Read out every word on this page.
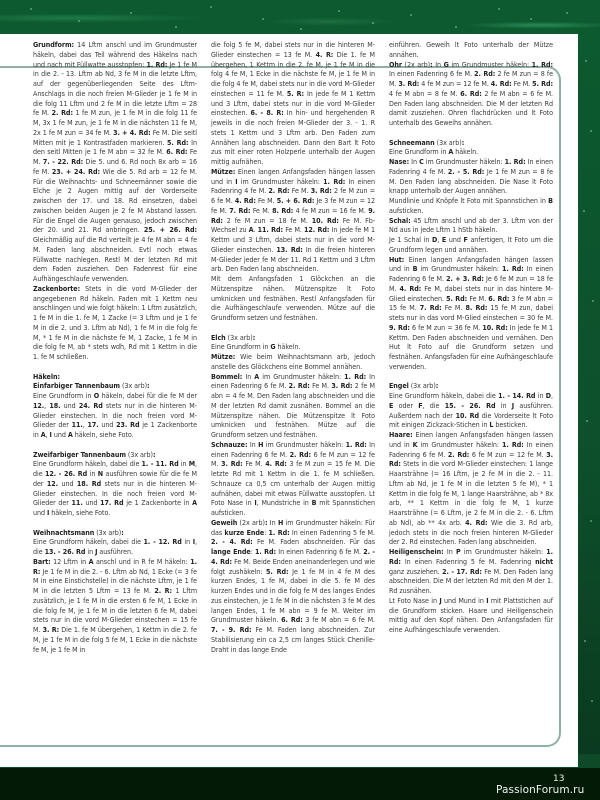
Grundform: 14 Lftm anschl und im Grundmuster häkeln, dabei das Teil während des Häkelns nach und nach mit Füllwatte ausstopfen: 1. Rd: Je 1 fe M in die 2. - 13. Lftm ab Nd, 3 fe M in die letzte Lftm, auf der gegenüberliegenden Seite des Lftm-Anschlags in die noch freien M-Glieder je 1 fe M in die folg 11 Lftm und 2 fe M in die letzte Lftm = 28 fe M. 2. Rd: 1 fe M zun, je 1 fe M in die folg 11 fe M, 3x 1 fe M zun, je 1 fe M in die nächsten 11 fe M, 2x 1 fe M zun = 34 fe M. 3. + 4. Rd: Fe M. Die seitl Mitten mit je 1 Kontrastfaden markieren. 5. Rd: In den seitl Mitten je 1 fe M abn = 32 fe M. 6. Rd: Fe M. 7. - 22. Rd: Die 5. und 6. Rd noch 8x arb = 16 fe M. 23. + 24. Rd: Wie die 5. Rd arb = 12 fe M. Für die Weihnachts- und Schneemänner sowie die Elche je 2 Augen mittig auf der Vorderseite zwischen der 17. und 18. Rd einsetzen, dabei zwischen beiden Augen je 2 fe M Abstand lassen. Für die Engel die Augen genauso, jedoch zwischen der 20. und 21. Rd anbringen. 25. + 26. Rd: Gleichmäßig auf die Rd verteilt je 4 fe M abn = 4 fe M. Faden lang abschneiden. Evtl noch etwas Füllwatte nachlegen. Restl M der letzten Rd mit dem Faden zusziehen. Den Fadenrest für eine Aufhängeschlaufe verwenden.

Zackenborte: Stets in die vord M-Glieder der angegebenen Rd häkeln. Faden mit 1 Kettm neu anschlingen und wie folgt häkeln: 1 Lftm zusätzlich, 1 fe M in die 1. fe M, 1 Zacke (= 3 Lftm und je 1 fe M in die 2. und 3. Lftm ab Nd), 1 fe M in die folg fe M, * 1 fe M in die nächste fe M, 1 Zacke, 1 fe M in die folg fe M, ab * stets wdh, Rd mit 1 Kettm in die 1. fe M schließen.

Häkeln:

Einfarbiger Tannenbaum (3x arb):

Eine Grundform in O häkeln, dabei für die fe M der 12., 18. und 24. Rd stets nur in die hinteren M-Glieder einstechen. In die noch freien vord M-Glieder der 11., 17. und 23. Rd je 1 Zackenborte in A, I und A häkeln, siehe Foto.

Zweifarbiger Tannenbaum (3x arb):

Eine Grundform häkeln, dabei die 1. - 11. Rd in M, die 12. - 26. Rd in N ausführen sowie für die fe M der 12. und 18. Rd stets nur in die hinteren M-Glieder einstechen. In die noch freien vord M-Glieder der 11. und 17. Rd je 1 Zackenborte in A und I häkeln, siehe Foto.

Weihnachtsmann (3x arb):

Eine Grundform häkeln, dabei die 1. - 12. Rd in I, die 13. - 26. Rd in J ausführen.

Bart: 12 Lftm in A anschl und in R fe M häkeln: 1. R: Je 1 fe M in die 2. - 6. Lftm ab Nd, 1 Ecke (= 3 fe M in eine Einstichstelle) in die nächste Lftm, je 1 fe M in die letzten 5 Lftm = 13 fe M. 2. R: 1 Lftm zusätzlich, je 1 fe M in die ersten 6 fe M, 1 Ecke in die folg fe M, je 1 fe M in die letzten 6 fe M, dabei stets nur in die vord M-Glieder einstechen = 15 fe M. 3. R: Die 1. fe M übergehen, 1 Kettm in die 2. fe M, je 1 fe M in die folg 5 fe M, 1 Ecke in die nächste fe M, je 1 fe M in

die folg 5 fe M, dabei stets nur in die hinteren M-Glieder einstechen = 13 fe M. 4. R: Die 1. fe M übergehen, 1 Kettm in die 2. fe M, je 1 fe M in die folg 4 fe M, 1 Ecke in die nächste fe M, je 1 fe M in die folg 4 fe M, dabei stets nur in die vord M-Glieder einstechen = 11 fe M. 5. R: In jede fe M 1 Kettm und 3 Lftm, dabei stets nur in die vord M-Glieder einstechen. 6. - 8. R: In hin- und hergehenden R jeweils in die noch freien M-Glieder der 3. - 1. R stets 1 Kettm und 3 Lftm arb. Den Faden zum Annähen lang abschneiden. Dann den Bart lt Foto zus mit einer roten Holzperle unterhalb der Augen mittig aufnähen.

Mütze: Einen langen Anfangsfaden hängen lassen und in I im Grundmuster häkeln: 1. Rd: In einen Fadenring 4 fe M. 2. Rd: Fe M. 3. Rd: 2 fe M zun = 6 fe M. 4. Rd: Fe M. 5. + 6. Rd: Je 3 fe M zun = 12 fe M. 7. Rd: Fe M. 8. Rd: 4 fe M zun = 16 fe M. 9. Rd: 2 fe M zun = 18 fe M. 10. Rd: Fe M. Fb-Wechsel zu A. 11. Rd: Fe M. 12. Rd: In jede fe M 1 Kettm und 3 Lftm, dabei stets nur in die vord M-Glieder einstechen. 13. Rd: In die freien hinteren M-Glieder jeder fe M der 11. Rd 1 Kettm und 3 Lftm arb. Den Faden lang abschneiden.

Mit dem Anfangsfaden 1 Glöckchen an die Mützenspitze nähen. Mützenspitze lt Foto umknicken und festnähen. Restl Anfangsfaden für die Aufhängeschlaufe verwenden. Mütze auf die Grundform setzen und festnähen.

Elch (3x arb):

Eine Grundform in G häkeln.

Mütze: Wie beim Weihnachtsmann arb, jedoch anstelle des Glöckchens eine Bommel annähen.

Bommel: In A im Grundmuster häkeln: 1. Rd: In einen Fadenring 6 fe M. 2. Rd: Fe M. 3. Rd: 2 fe M abn = 4 fe M. Den Faden lang abschneiden und die M der letzten Rd damit zusnähen. Bommel an die Mützenspitze nähen. Die Mützenspitze lt Foto umknicken und festnähen. Mütze auf die Grundform setzen und festnähen.

Schnauze: In H im Grundmuster häkeln: 1. Rd: In einen Fadenring 6 fe M. 2. Rd: 6 fe M zun = 12 fe M. 3. Rd: Fe M. 4. Rd: 3 fe M zun = 15 fe M. Die letzte Rd mit 1 Kettm in die 1. fe M schließen. Schnauze ca 0,5 cm unterhalb der Augen mittig aufnähen, dabei mit etwas Füllwatte ausstopfen. Lt Foto Nase in I, Mundstriche in B mit Spannstichen aufsticken.

Geweih (2x arb): In H im Grundmuster häkeln: Für das kurze Ende: 1. Rd: In einen Fadenring 5 fe M. 2. - 4. Rd: Fe M. Faden abschneiden. Für das lange Ende: 1. Rd: In einen Fadenring 6 fe M. 2. - 4. Rd: Fe M. Beide Enden aneinanderlegen und wie folgt zushäkeln: 5. Rd: Je 1 fe M in 4 fe M des kurzen Endes, 1 fe M, dabei in die 5. fe M des kurzen Endes und in die folg fe M des langes Endes zus einstechen, je 1 fe M in die nächsten 3 fe M des langen Endes, 1 fe M abn = 9 fe M. Weiter im Grundmuster häkeln. 6. Rd: 3 fe M abn = 6 fe M. 7. - 9. Rd: Fe M. Faden lang abschneiden. Zur Stabilisierung ein ca 2,5 cm langes Stück Chenille-Draht in das lange Ende

einführen. Geweih lt Foto unterhalb der Mütze annähen.

Ohr (2x arb): In G im Grundmuster häkeln: 1. Rd: In einen Fadenring 6 fe M. 2. Rd: 2 fe M zun = 8 fe M. 3. Rd: 4 fe M zun = 12 fe M. 4. Rd: Fe M. 5. Rd: 4 fe M abn = 8 fe M. 6. Rd: 2 fe M abn = 6 fe M. Den Faden lang abschneiden. Die M der letzten Rd damit zusziehen. Ohren flachdrücken und lt Foto unterhalb des Geweihs annähen.

Schneemann (3x arb):

Eine Grundform in A häkeln.

Nase: In C im Grundmuster häkeln: 1. Rd: In einen Fadenring 4 fe M. 2. - 5. Rd: Je 1 fe M zun = 8 fe M. Den Faden lang abschneiden. Die Nase lt Foto knapp unterhalb der Augen annähen.

Mundlinie und Knöpfe lt Foto mit Spannstichen in B aufsticken.

Schal: 45 Lftm anschl und ab der 3. Lftm von der Nd aus in jede Lftm 1 hStb häkeln.

Je 1 Schal in D, E und F anfertigen, lt Foto um die Grundform legen und annähen.

Hut: Einen langen Anfangsfaden hängen lassen und in B im Grundmuster häkeln: 1. Rd: In einen Fadenring 6 fe M. 2. + 3. Rd: Je 6 fe M zun = 18 fe M. 4. Rd: Fe M, dabei stets nur in das hintere M-Glied einstechen. 5. Rd: Fe M. 6. Rd: 3 fe M abn = 15 fe M. 7. Rd: Fe M. 8. Rd: 15 fe M zun, dabei stets nur in das vord M-Glied einstechen = 30 fe M. 9. Rd: 6 fe M zun = 36 fe M. 10. Rd: In jede fe M 1 Kettm. Den Faden abschneiden und vernähen. Den Hut lt Foto auf die Grundform setzen und festnähen. Anfangsfaden für eine Aufhängeschlaufe verwenden.

Engel (3x arb):

Eine Grundform häkeln, dabei die 1. - 14. Rd in D, E oder F, die 15. - 26. Rd in J ausführen. Außerdem nach der 10. Rd die Vorderseite lt Foto mit einigen Zickzack-Stichen in L besticken.

Haare: Einen langen Anfangsfaden hängen lassen und in K im Grundmuster häkeln: 1. Rd: In einen Fadenring 6 fe M. 2. Rd: 6 fe M zun = 12 fe M. 3. Rd: Stets in die vord M-Glieder einstechen: 1 lange Haarsträhne (= 16 Lftm, je 2 fe M in die 2. - 11. Lftm ab Nd, je 1 fe M in die letzten 5 fe M), * 1 Kettm in die folg fe M, 1 lange Haarsträhne, ab * 8x arb, ** 1 Kettm in die folg fe M, 1 kurze Haarsträhne (= 6 Lftm, je 2 fe M in die 2. - 6. Lftm ab Nd), ab ** 4x arb. 4. Rd: Wie die 3. Rd arb, jedoch stets in die noch freien hinteren M-Glieder der 2. Rd einstechen. Faden lang abschneiden.

Heiligenschein: In P im Grundmuster häkeln: 1. Rd: In einen Fadenring 5 fe M. Fadenring nicht ganz zusziehen. 2. - 17. Rd: Fe M. Den Faden lang abschneiden. Die M der letzten Rd mit den M der 1. Rd zusnähen.

Lt Foto Nase in J und Mund in I mit Plattstichen auf die Grundform sticken. Haare und Heiligenschein mittig auf den Kopf nähen. Den Anfangsfaden für eine Aufhängeschlaufe verwenden.

13
PassionForum.ru
